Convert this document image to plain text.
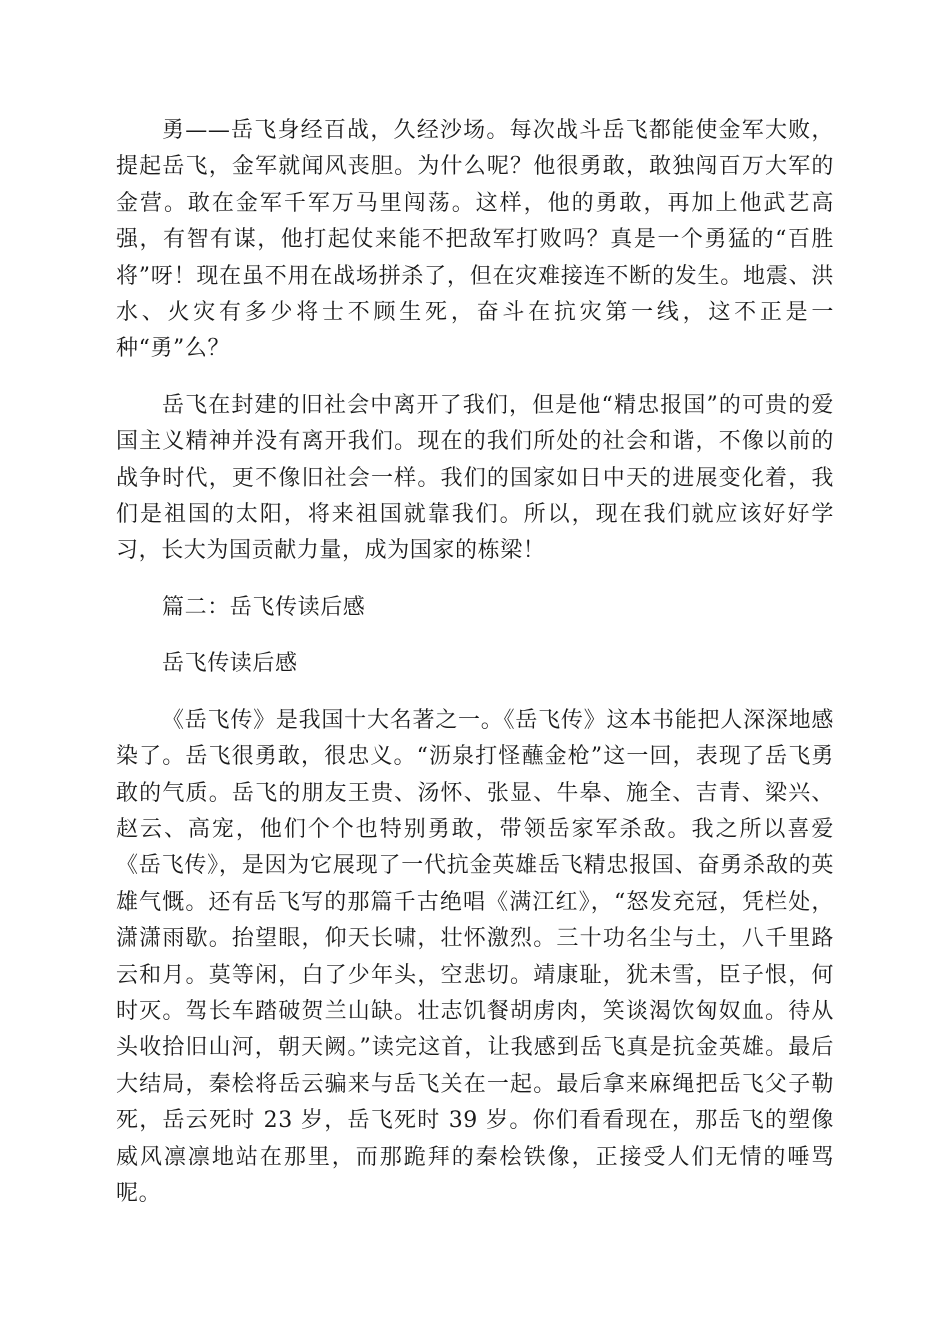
勇——岳飞身经百战，久经沙场。每次战斗岳飞都能使金军大败，提起岳飞，金军就闻风丧胆。为什么呢？他很勇敢，敢独闯百万大军的金营。敢在金军千军万马里闯荡。这样，他的勇敢，再加上他武艺高强，有智有谋，他打起仗来能不把敌军打败吗？真是一个勇猛的“百胜将”呀！现在虽不用在战场拼杀了，但在灾难接连不断的发生。地震、洪水、火灾有多少将士不顾生死，奋斗在抗灾第一线，这不正是一种“勇”么？

岳飞在封建的旧社会中离开了我们，但是他“精忠报国”的可贵的爱国主义精神并没有离开我们。现在的我们所处的社会和谐，不像以前的战争时代，更不像旧社会一样。我们的国家如日中天的进展变化着，我们是祖国的太阳，将来祖国就靠我们。所以，现在我们就应该好好学习，长大为国贡献力量，成为国家的栋梁！

篇二：岳飞传读后感

岳飞传读后感

《岳飞传》是我国十大名著之一。《岳飞传》这本书能把人深深地感染了。岳飞很勇敢，很忠义。“沥泉打怪蘸金枪”这一回，表现了岳飞勇敢的气质。岳飞的朋友王贵、汤怀、张显、牛皋、施全、吉青、梁兴、赵云、高宠，他们个个也特别勇敢，带领岳家军杀敌。我之所以喜爱《岳飞传》，是因为它展现了一代抗金英雄岳飞精忠报国、奋勇杀敌的英雄气慨。还有岳飞写的那篇千古绝唱《满江红》，“怒发充冠，凭栏处，潇潇雨歇。抬望眼，仰天长啸，壮怀激烈。三十功名尘与土，八千里路云和月。莫等闲，白了少年头，空悲切。靖康耻，犹未雪，臣子恨，何时灭。驾长车踏破贺兰山缺。壮志饥餐胡虏肉，笑谈渴饮匈奴血。待从头收拾旧山河，朝天阙。”读完这首，让我感到岳飞真是抗金英雄。最后大结局，秦桧将岳云骗来与岳飞关在一起。最后拿来麻绳把岳飞父子勒死，岳云死时 23 岁，岳飞死时 39 岁。你们看看现在，那岳飞的塑像威风凛凛地站在那里，而那跪拜的秦桧铁像，正接受人们无情的唾骂呢。
